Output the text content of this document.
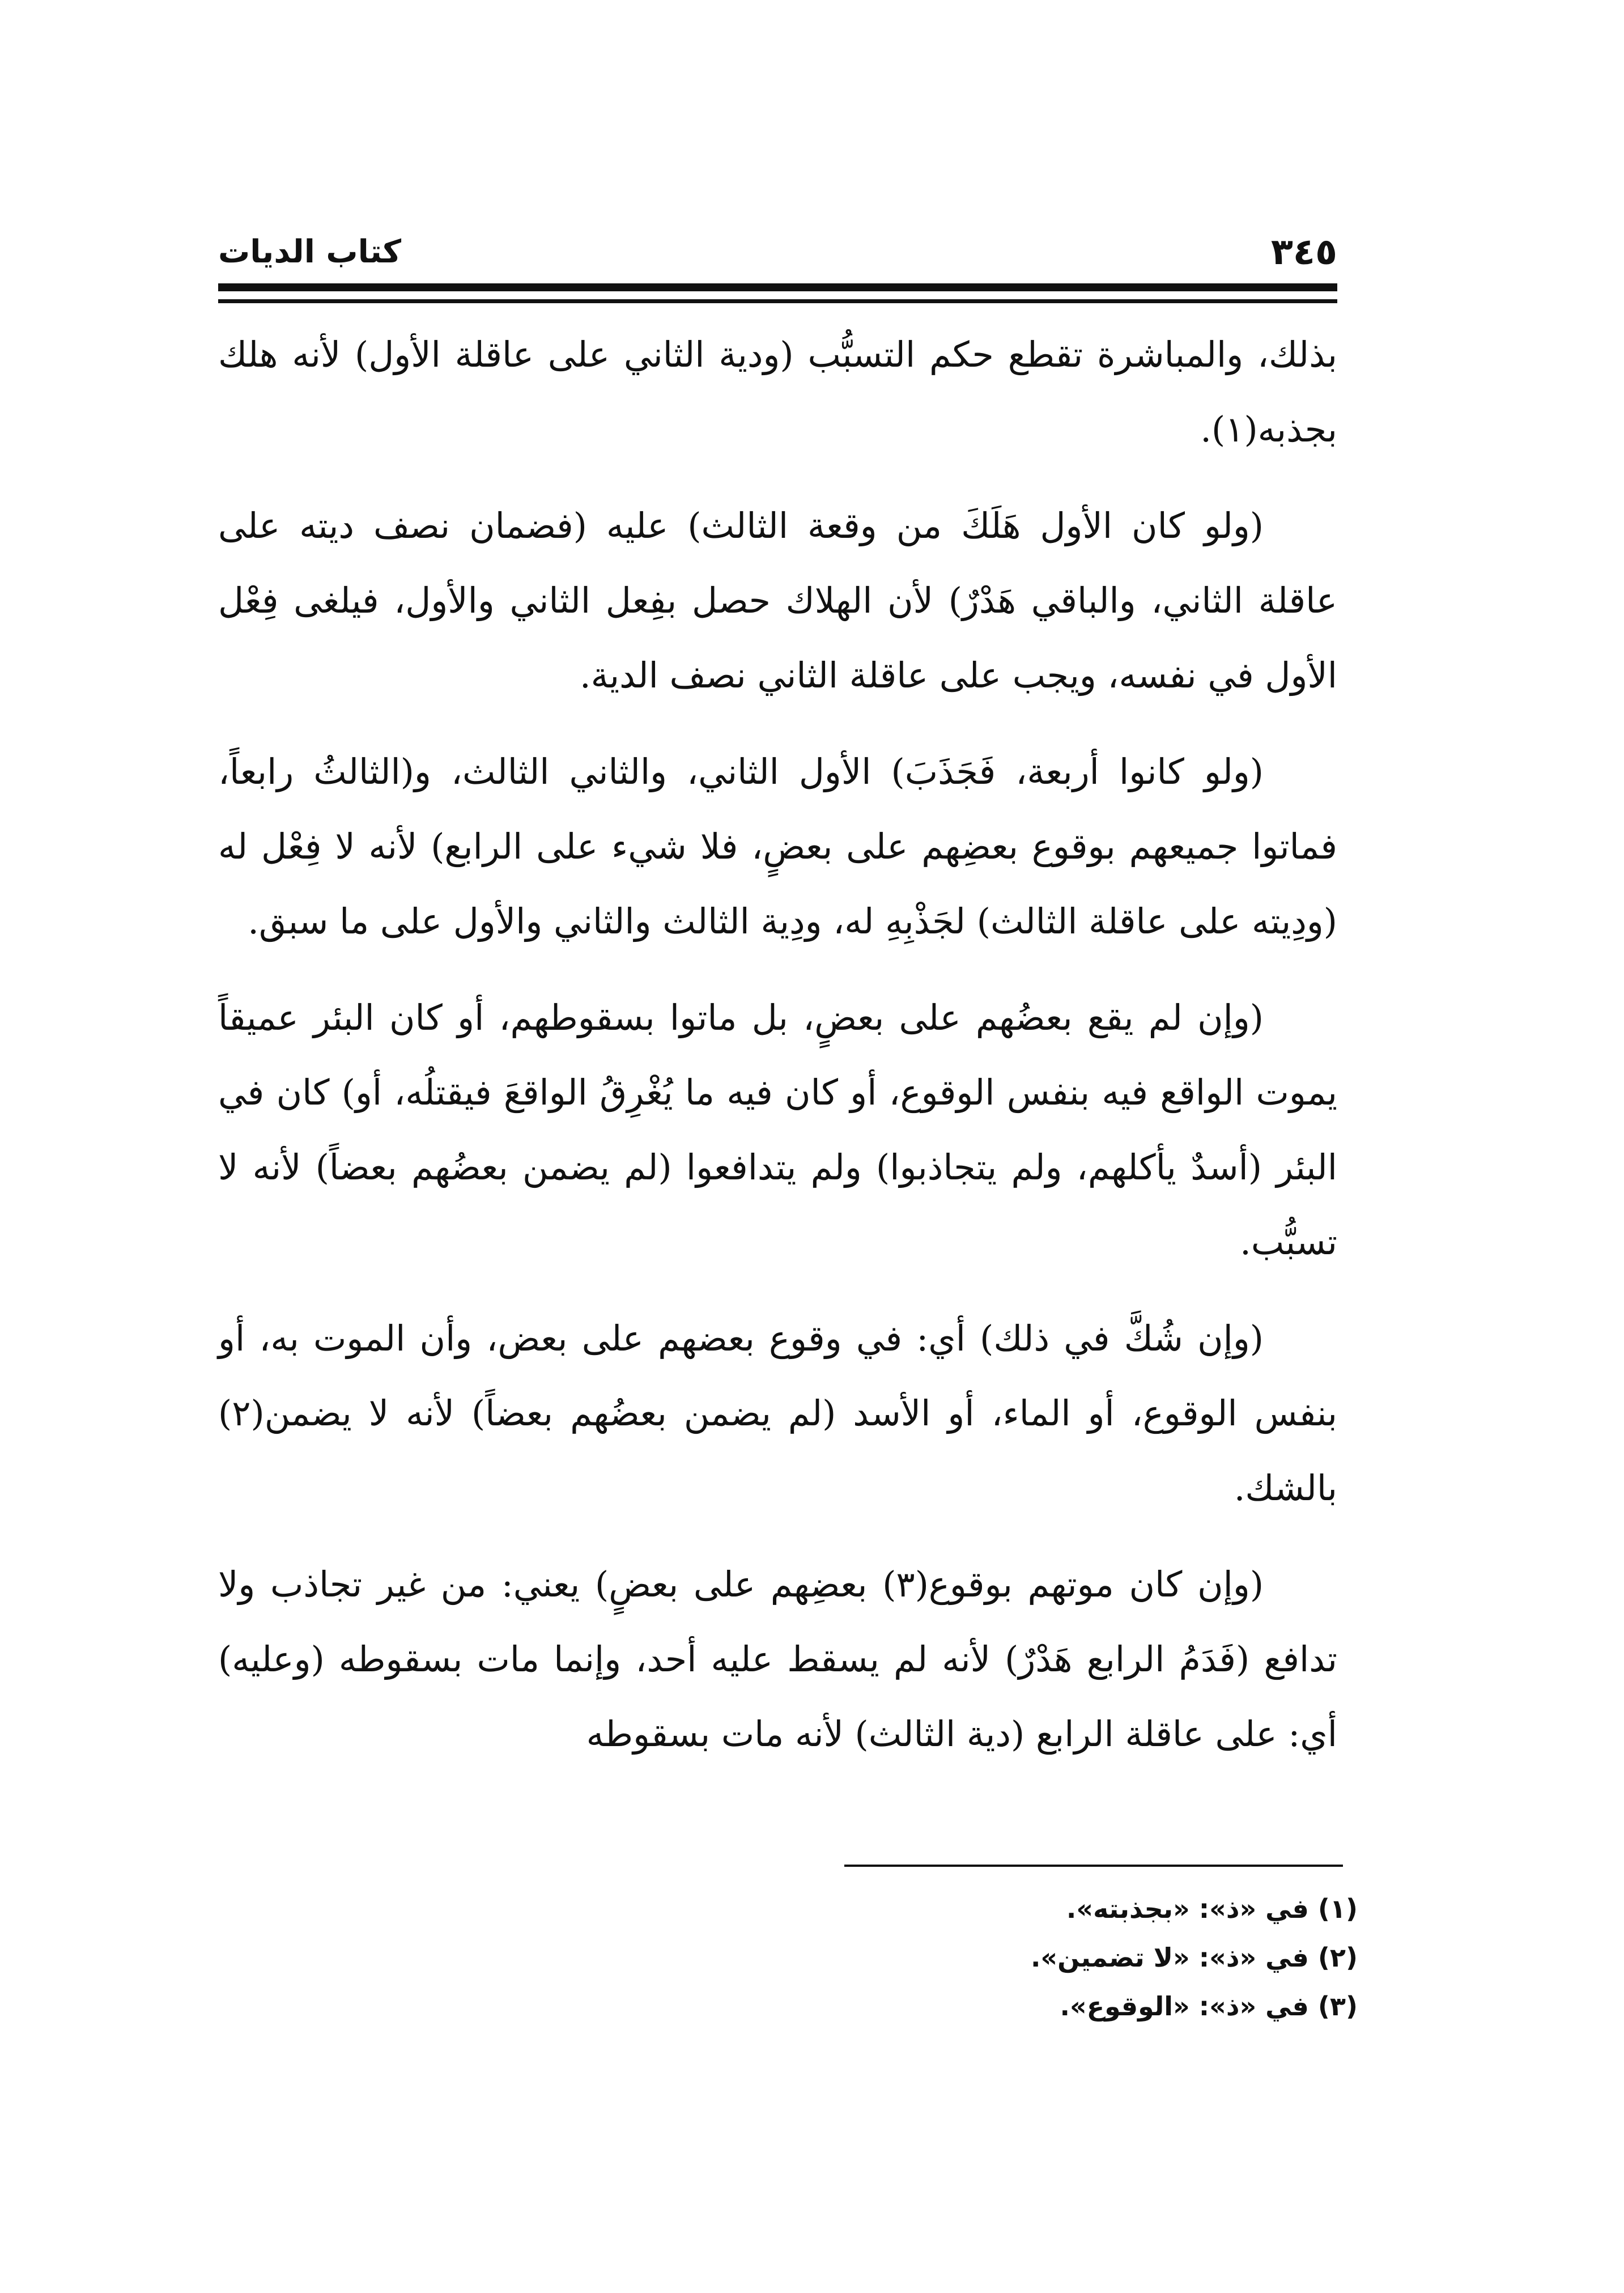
٣٤٥
كتاب الديات

بذلك، والمباشرة تقطع حكم التسبُّب (ودية الثاني على عاقلة الأول) لأنه هلك بجذبه(١).

(ولو كان الأول هَلَكَ من وقعة الثالث) عليه (فضمان نصف ديته على عاقلة الثاني، والباقي هَدْرٌ) لأن الهلاك حصل بفِعل الثاني والأول، فيلغى فِعْل الأول في نفسه، ويجب على عاقلة الثاني نصف الدية.

(ولو كانوا أربعة، فَجَذَبَ) الأول الثاني، والثاني الثالث، و(الثالثُ رابعاً، فماتوا جميعهم بوقوع بعضِهم على بعضٍ، فلا شيء على الرابع) لأنه لا فِعْل له (ودِيته على عاقلة الثالث) لجَذْبِهِ له، ودِية الثالث والثاني والأول على ما سبق.

(وإن لم يقع بعضُهم على بعضٍ، بل ماتوا بسقوطهم، أو كان البئر عميقاً يموت الواقع فيه بنفس الوقوع، أو كان فيه ما يُغْرِقُ الواقعَ فيقتلُه، أو) كان في البئر (أسدٌ يأكلهم، ولم يتجاذبوا) ولم يتدافعوا (لم يضمن بعضُهم بعضاً) لأنه لا تسبُّب.

(وإن شُكَّ في ذلك) أي: في وقوع بعضهم على بعض، وأن الموت به، أو بنفس الوقوع، أو الماء، أو الأسد (لم يضمن بعضُهم بعضاً) لأنه لا يضمن(٢) بالشك.

(وإن كان موتهم بوقوع(٣) بعضِهم على بعضٍ) يعني: من غير تجاذب ولا تدافع (فَدَمُ الرابع هَدْرٌ) لأنه لم يسقط عليه أحد، وإنما مات بسقوطه (وعليه) أي: على عاقلة الرابع (دية الثالث) لأنه مات بسقوطه

(١) في «ذ»: «بجذبته».
(٢) في «ذ»: «لا تضمين».
(٣) في «ذ»: «الوقوع».
